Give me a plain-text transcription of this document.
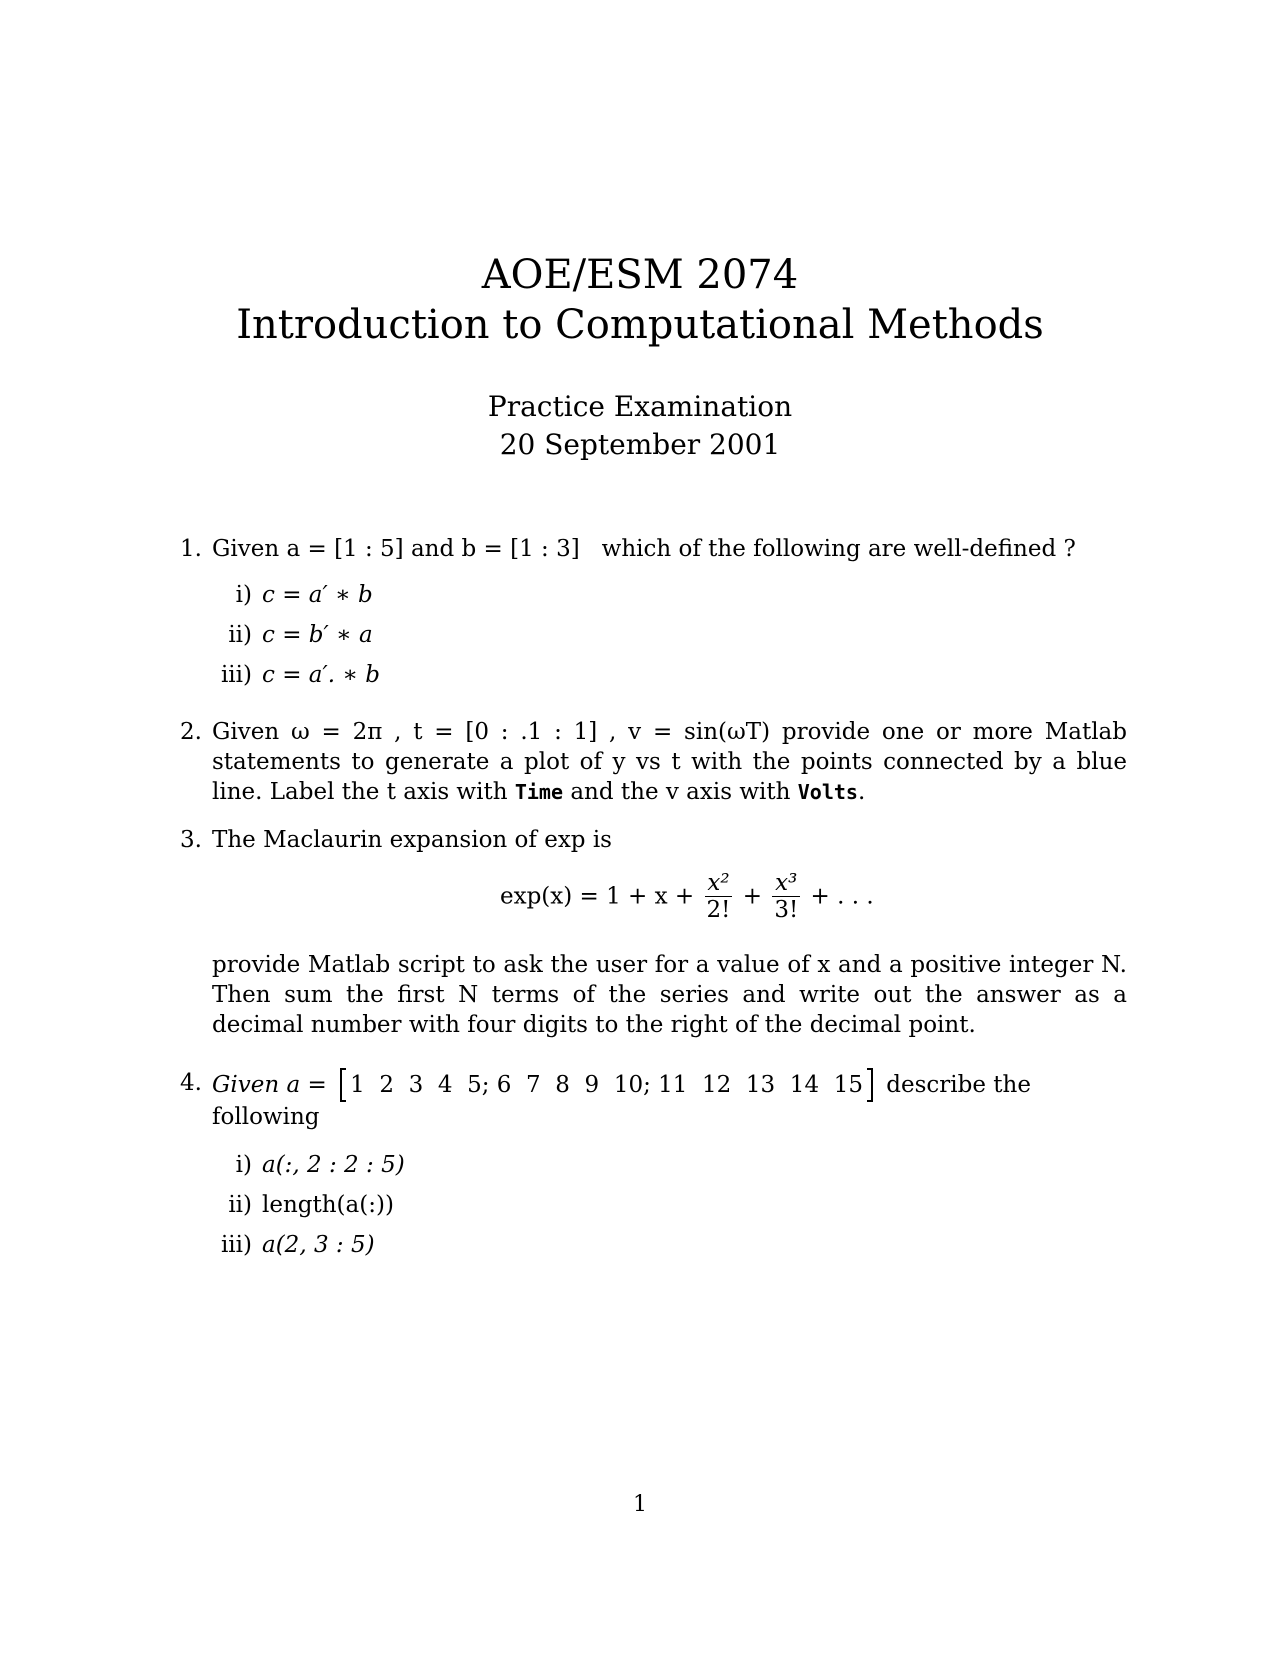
AOE/ESM 2074
Introduction to Computational Methods
Practice Examination
20 September 2001
1. Given a = [1 : 5] and b = [1 : 3]   which of the following are well-defined ?
i) c = a′ ∗ b
ii) c = b′ ∗ a
iii) c = a′. ∗ b
2. Given ω = 2π , t = [0 : .1 : 1] , v = sin(ωT) provide one or more Matlab statements to generate a plot of y vs t with the points connected by a blue line. Label the t axis with Time and the v axis with Volts.
3. The Maclaurin expansion of exp is
$\exp(x) = 1 + x + \frac{\text{x²}}{2!} + \frac{\text{x³}}{3!}$ + . . .
provide Matlab script to ask the user for a value of x and a positive integer N. Then sum the first N terms of the series and write out the answer as a decimal number with four digits to the right of the decimal point.
4. Given a = 1  2  3  4  5; 6  7  8  9  10; 11  12  13  14  15 describe the following
i) a(:, 2 : 2 : 5)
ii) length(a(:))
iii) a(2, 3 : 5)
1
